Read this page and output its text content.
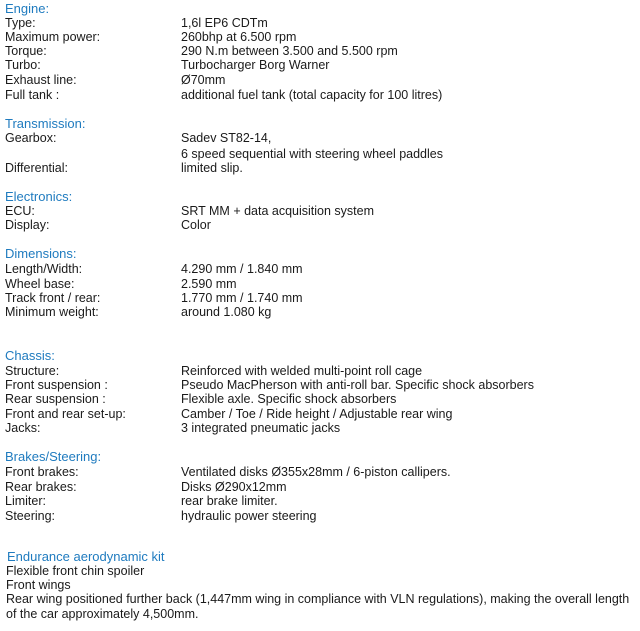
Engine:
Type:	1,6l EP6 CDTm
Maximum power:	260bhp at 6.500 rpm
Torque:	290 N.m between 3.500 and 5.500 rpm
Turbo:	Turbocharger Borg Warner
Exhaust line:	Ø70mm
Full tank :	additional fuel tank (total capacity for 100 litres)
Transmission:
Gearbox:	Sadev ST82-14,
6 speed sequential with steering wheel paddles
Differential:	limited slip.
Electronics:
ECU:	SRT MM + data acquisition system
Display:	Color
Dimensions:
Length/Width:	4.290 mm / 1.840 mm
Wheel base:	2.590 mm
Track front / rear:	1.770 mm / 1.740 mm
Minimum weight:	around 1.080 kg
Chassis:
Structure:	Reinforced with welded multi-point roll cage
Front suspension :	Pseudo MacPherson with anti-roll bar. Specific shock absorbers
Rear suspension :	Flexible axle. Specific shock absorbers
Front and rear set-up:	Camber / Toe / Ride height / Adjustable rear wing
Jacks:	3 integrated pneumatic jacks
Brakes/Steering:
Front brakes:	Ventilated disks Ø355x28mm / 6-piston callipers.
Rear brakes:	Disks Ø290x12mm
Limiter:	rear brake limiter.
Steering:	hydraulic power steering
Endurance aerodynamic kit
Flexible front chin spoiler
Front wings
Rear wing positioned further back (1,447mm wing in compliance with VLN regulations), making the overall length of the car approximately 4,500mm.
